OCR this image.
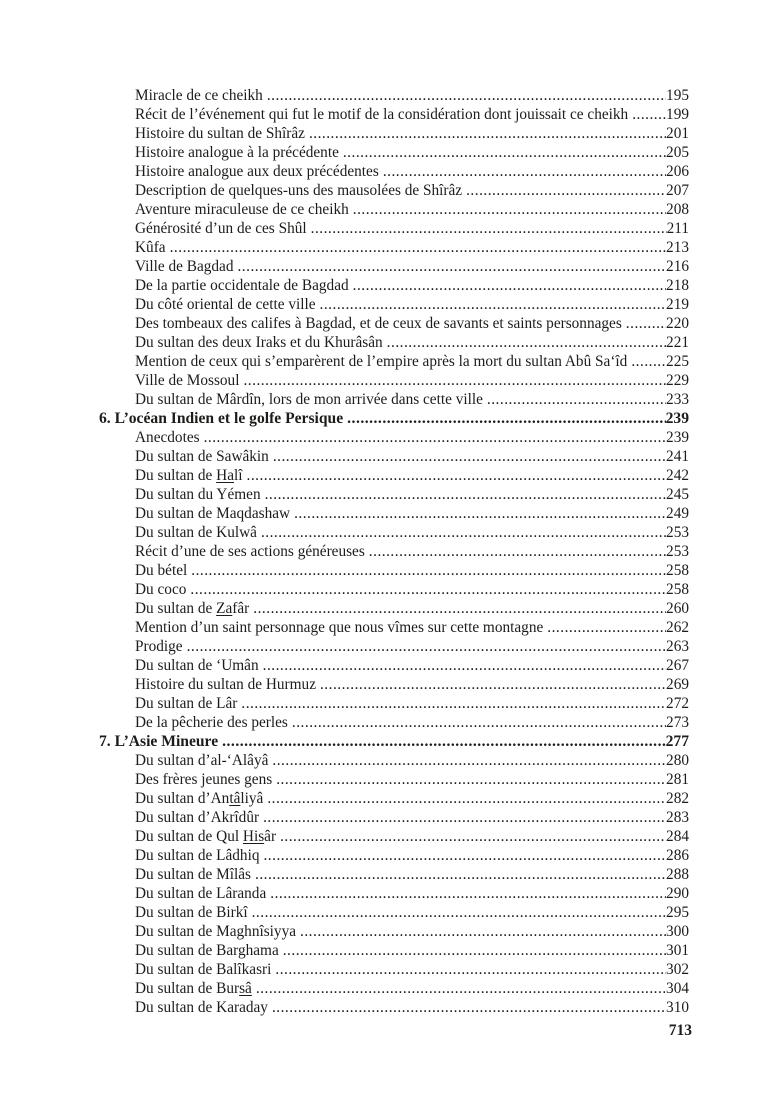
Miracle de ce cheikh .....	195
Récit de l’événement qui fut le motif de la considération dont jouissait ce cheikh ..... 199
Histoire du sultan de Shîrâz .....	201
Histoire analogue à la précédente .....	205
Histoire analogue aux deux précédentes .....	206
Description de quelques-uns des mausolées de Shîrâz .....	207
Aventure miraculeuse de ce cheikh .....	208
Générosité d’un de ces Shûl .....	211
Kûfa .....	213
Ville de Bagdad .....	216
De la partie occidentale de Bagdad .....	218
Du côté oriental de cette ville .....	219
Des tombeaux des califes à Bagdad, et de ceux de savants et saints personnages .....	220
Du sultan des deux Iraks et du Khurâsân .....	221
Mention de ceux qui s’emparèrent de l’empire après la mort du sultan Abû Sa‘îd .....	225
Ville de Mossoul .....	229
Du sultan de Mârdîn, lors de mon arrivée dans cette ville .....	233
6. L’océan Indien et le golfe Persique .....	239
Anecdotes .....	239
Du sultan de Sawâkin .....	241
Du sultan de Halî .....	242
Du sultan du Yémen .....	245
Du sultan de Maqdashaw .....	249
Du sultan de Kulwâ .....	253
Récit d’une de ses actions généreuses .....	253
Du bétel .....	258
Du coco .....	258
Du sultan de Zafâr .....	260
Mention d’un saint personnage que nous vîmes sur cette montagne .....	262
Prodige .....	263
Du sultan de ‘Umân .....	267
Histoire du sultan de Hurmuz .....	269
Du sultan de Lâr .....	272
De la pêcherie des perles .....	273
7. L’Asie Mineure .....	277
Du sultan d’al-‘Alâyâ .....	280
Des frères jeunes gens .....	281
Du sultan d’Antâliyâ .....	282
Du sultan d’Akrîdûr .....	283
Du sultan de Qul Hisâr .....	284
Du sultan de Lâdhiq .....	286
Du sultan de Mîlâs .....	288
Du sultan de Lâranda .....	290
Du sultan de Birkî .....	295
Du sultan de Maghnîsiyya .....	300
Du sultan de Barghama .....	301
Du sultan de Balîkasri .....	302
Du sultan de Bursâ .....	304
Du sultan de Karaday .....	310
713
